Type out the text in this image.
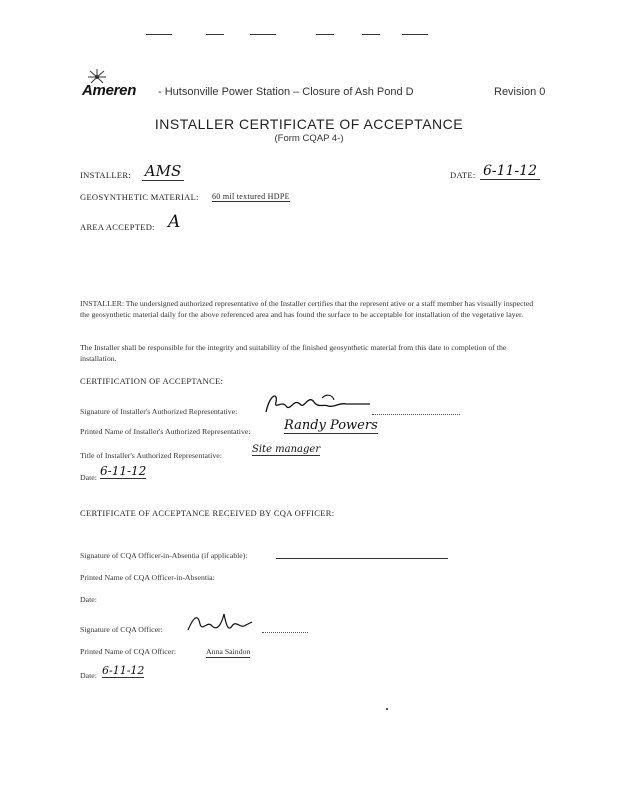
Ameren - Hutsonville Power Station – Closure of Ash Pond D	Revision 0
INSTALLER CERTIFICATE OF ACCEPTANCE
(Form CQAP 4-)
INSTALLER: AMS	DATE: 6-11-12
GEOSYNTHETIC MATERIAL: 60 mil textured HDPE
AREA ACCEPTED: A
INSTALLER: The undersigned authorized representative of the Installer certifies that the represent ative or a staff member has visually inspected the geosynthetic material daily for the above referenced area and has found the surface to be acceptable for installation of the vegetative layer.
The Installer shall be responsible for the integrity and suitability of the finished geosynthetic material from this date to completion of the installation.
CERTIFICATION OF ACCEPTANCE:
Signature of Installer's Authorized Representative:
Printed Name of Installer's Authorized Representative:	Randy Powers
Title of Installer's Authorized Representative:
Site manager
Date: 6-11-12
CERTIFICATE OF ACCEPTANCE RECEIVED BY CQA OFFICER:
Signature of CQA Officer-in-Absentia (if applicable):
Printed Name of CQA Officer-in-Absentia:
Date:
Signature of CQA Officer:
Printed Name of CQA Officer:	Anna Saindon
Date: 6-11-12
